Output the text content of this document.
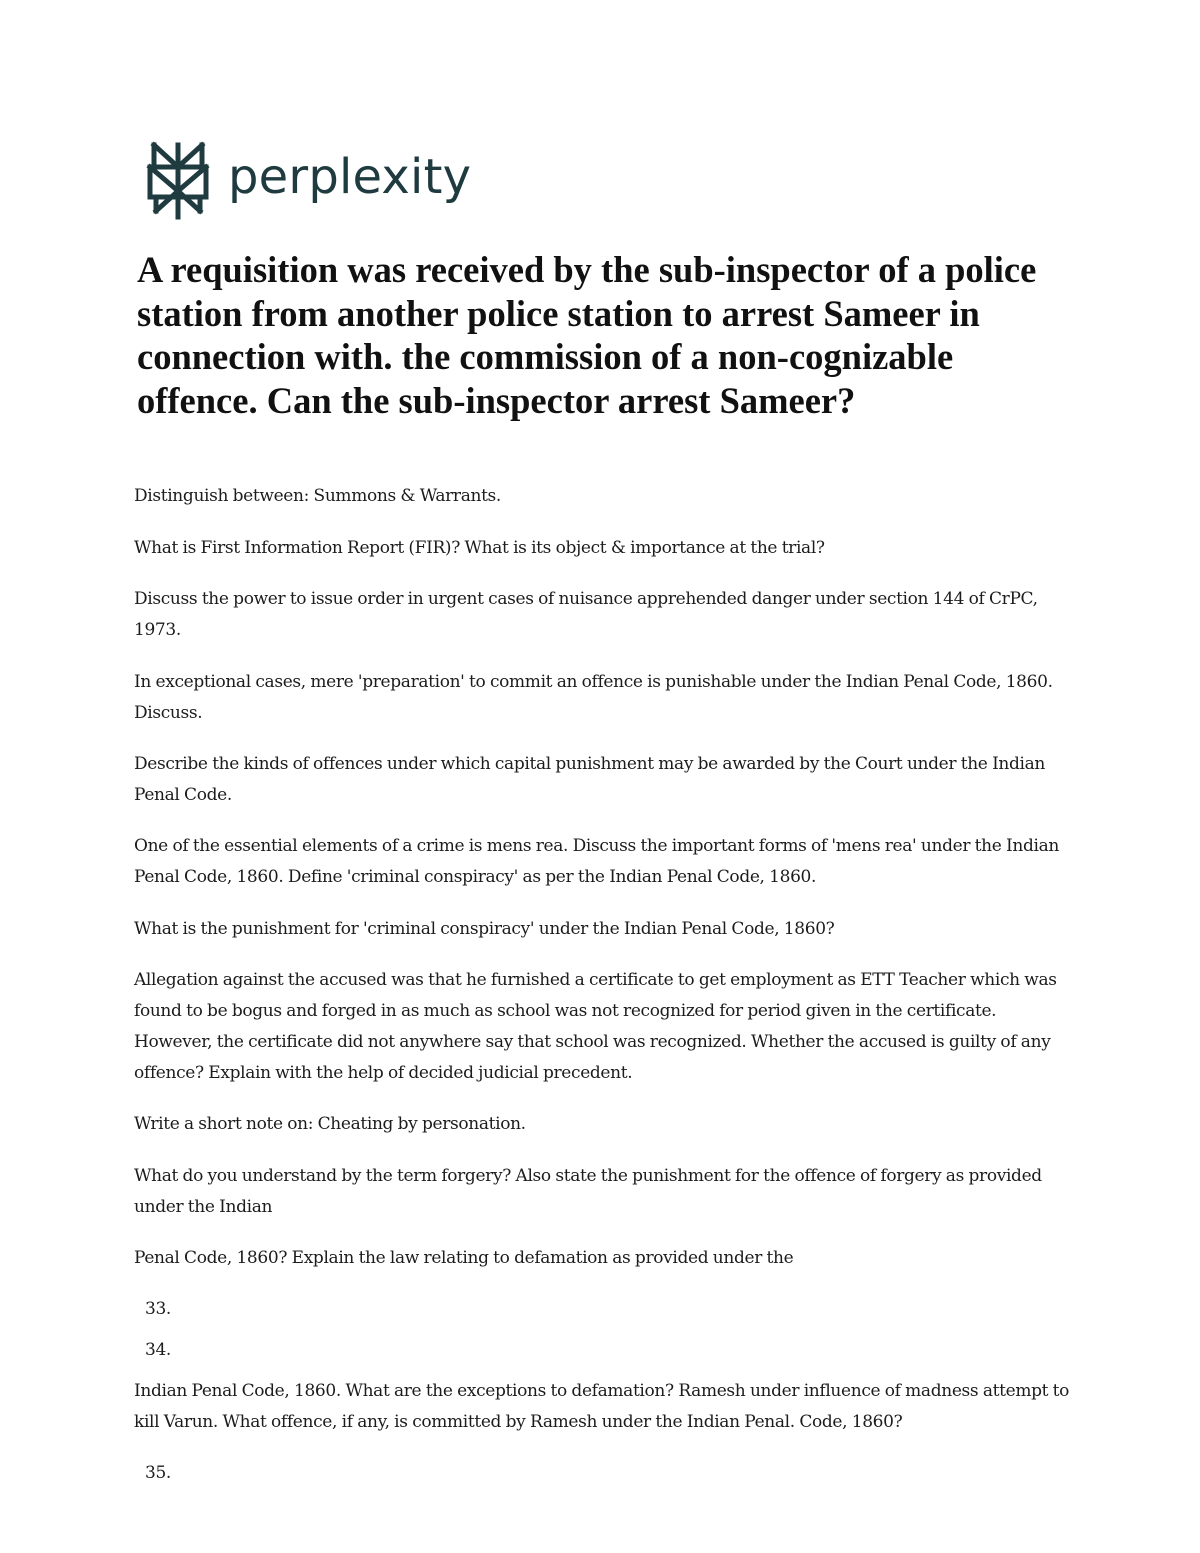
perplexity
A requisition was received by the sub-inspector of a police station from another police station to arrest Sameer in connection with. the commission of a non-cognizable offence. Can the sub-inspector arrest Sameer?

Distinguish between: Summons & Warrants.

What is First Information Report (FIR)? What is its object & importance at the trial?

Discuss the power to issue order in urgent cases of nuisance apprehended danger under section 144 of CrPC, 1973.

In exceptional cases, mere 'preparation' to commit an offence is punishable under the Indian Penal Code, 1860. Discuss.

Describe the kinds of offences under which capital punishment may be awarded by the Court under the Indian Penal Code.

One of the essential elements of a crime is mens rea. Discuss the important forms of 'mens rea' under the Indian Penal Code, 1860. Define 'criminal conspiracy' as per the Indian Penal Code, 1860.

What is the punishment for 'criminal conspiracy' under the Indian Penal Code, 1860?

Allegation against the accused was that he furnished a certificate to get employment as ETT Teacher which was found to be bogus and forged in as much as school was not recognized for period given in the certificate. However, the certificate did not anywhere say that school was recognized. Whether the accused is guilty of any offence? Explain with the help of decided judicial precedent.

Write a short note on: Cheating by personation.

What do you understand by the term forgery? Also state the punishment for the offence of forgery as provided under the Indian

Penal Code, 1860? Explain the law relating to defamation as provided under the

33.

34.

Indian Penal Code, 1860. What are the exceptions to defamation? Ramesh under influence of madness attempt to kill Varun. What offence, if any, is committed by Ramesh under the Indian Penal. Code, 1860?

35.
